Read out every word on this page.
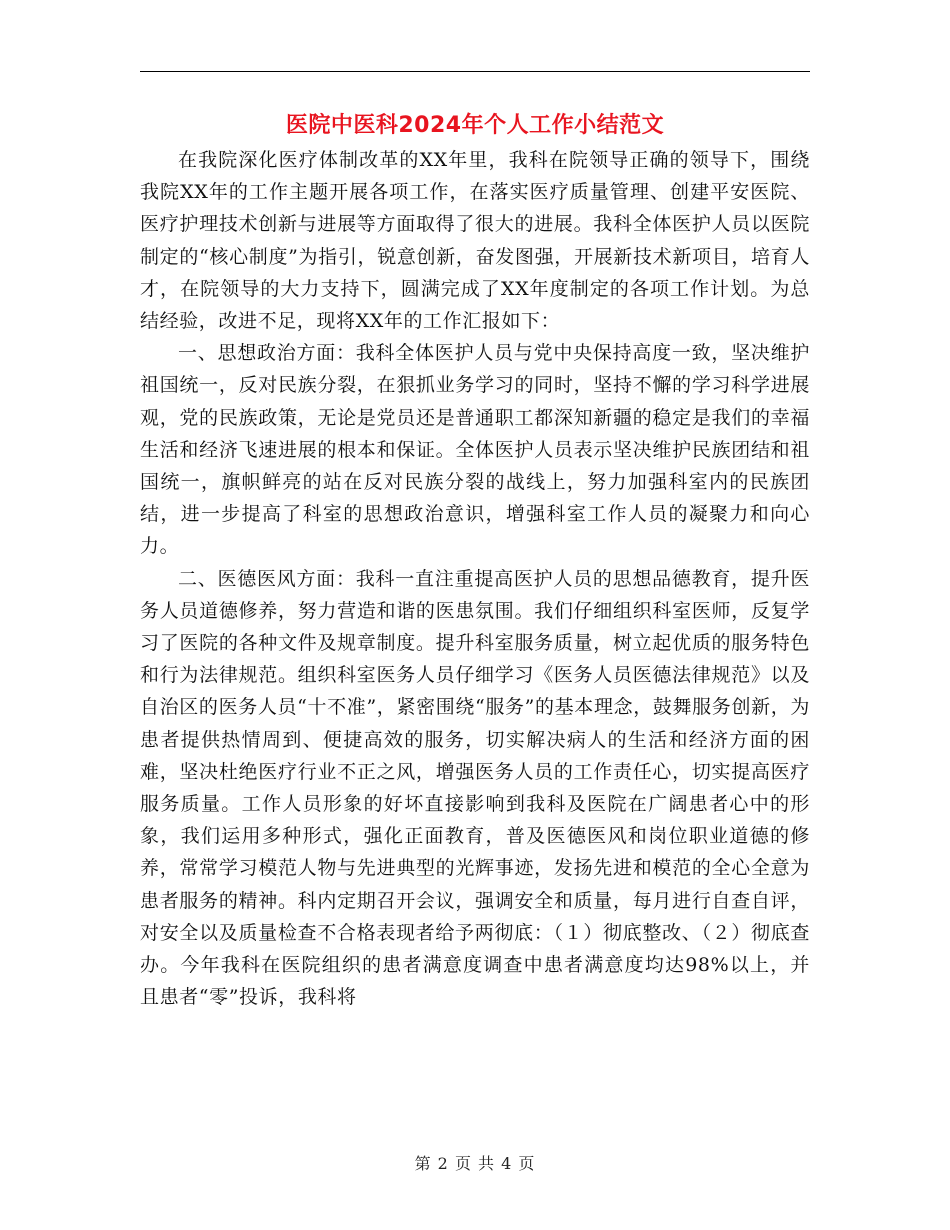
医院中医科2024年个人工作小结范文

在我院深化医疗体制改革的XX年里，我科在院领导正确的领导下，围绕我院XX年的工作主题开展各项工作，在落实医疗质量管理、创建平安医院、医疗护理技术创新与进展等方面取得了很大的进展。我科全体医护人员以医院制定的“核心制度”为指引，锐意创新，奋发图强，开展新技术新项目，培育人才，在院领导的大力支持下，圆满完成了XX年度制定的各项工作计划。为总结经验，改进不足，现将XX年的工作汇报如下：

一、思想政治方面：我科全体医护人员与党中央保持高度一致，坚决维护祖国统一，反对民族分裂，在狠抓业务学习的同时，坚持不懈的学习科学进展观，党的民族政策，无论是党员还是普通职工都深知新疆的稳定是我们的幸福生活和经济飞速进展的根本和保证。全体医护人员表示坚决维护民族团结和祖国统一，旗帜鲜亮的站在反对民族分裂的战线上，努力加强科室内的民族团结，进一步提高了科室的思想政治意识，增强科室工作人员的凝聚力和向心力。

二、医德医风方面：我科一直注重提高医护人员的思想品德教育，提升医务人员道德修养，努力营造和谐的医患氛围。我们仔细组织科室医师，反复学习了医院的各种文件及规章制度。提升科室服务质量，树立起优质的服务特色和行为法律规范。组织科室医务人员仔细学习《医务人员医德法律规范》以及自治区的医务人员“十不准”，紧密围绕“服务”的基本理念，鼓舞服务创新，为患者提供热情周到、便捷高效的服务，切实解决病人的生活和经济方面的困难，坚决杜绝医疗行业不正之风，增强医务人员的工作责任心，切实提高医疗服务质量。工作人员形象的好坏直接影响到我科及医院在广阔患者心中的形象，我们运用多种形式，强化正面教育，普及医德医风和岗位职业道德的修养，常常学习模范人物与先进典型的光辉事迹，发扬先进和模范的全心全意为患者服务的精神。科内定期召开会议，强调安全和质量，每月进行自查自评，对安全以及质量检查不合格表现者给予两彻底：（１）彻底整改、（２）彻底查办。今年我科在医院组织的患者满意度调查中患者满意度均达98%以上，并且患者“零”投诉，我科将

第 2 页 共 4 页
